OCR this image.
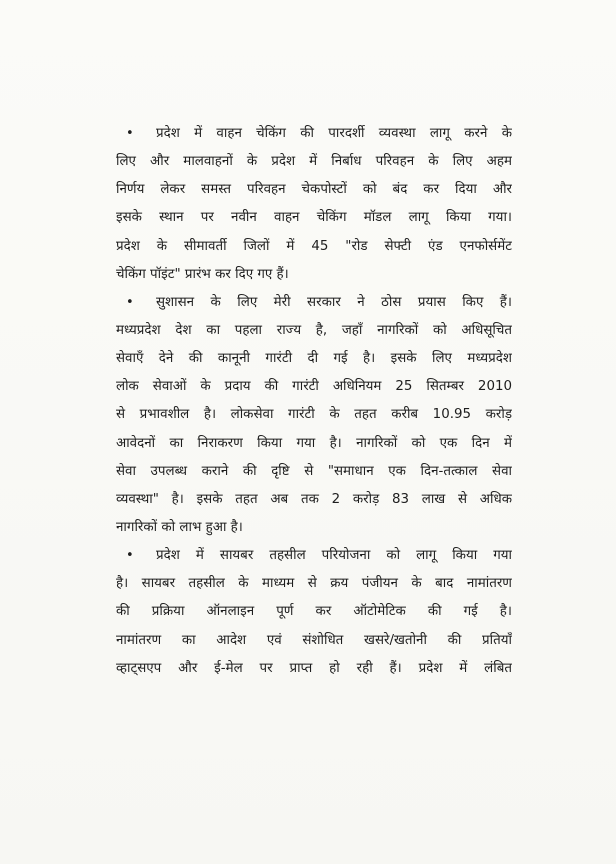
• प्रदेश में वाहन चेकिंग की पारदर्शी व्यवस्था लागू करने के
लिए और मालवाहनों के प्रदेश में निर्बाध परिवहन के लिए अहम
निर्णय लेकर समस्त परिवहन चेकपोस्टों को बंद कर दिया और
इसके स्थान पर नवीन वाहन चेकिंग मॉडल लागू किया गया।
प्रदेश के सीमावर्ती जिलों में 45 "रोड सेफ्टी एंड एनफोर्समेंट
चेकिंग पॉइंट" प्रारंभ कर दिए गए हैं।
• सुशासन के लिए मेरी सरकार ने ठोस प्रयास किए हैं।
मध्यप्रदेश देश का पहला राज्य है, जहाँ नागरिकों को अधिसूचित
सेवाएँ देने की कानूनी गारंटी दी गई है। इसके लिए मध्यप्रदेश
लोक सेवाओं के प्रदाय की गारंटी अधिनियम 25 सितम्बर 2010
से प्रभावशील है। लोकसेवा गारंटी के तहत करीब 10.95 करोड़
आवेदनों का निराकरण किया गया है। नागरिकों को एक दिन में
सेवा उपलब्ध कराने की दृष्टि से "समाधान एक दिन-तत्काल सेवा
व्यवस्था" है। इसके तहत अब तक 2 करोड़ 83 लाख से अधिक
नागरिकों को लाभ हुआ है।
• प्रदेश में सायबर तहसील परियोजना को लागू किया गया
है। सायबर तहसील के माध्यम से क्रय पंजीयन के बाद नामांतरण
की प्रक्रिया ऑनलाइन पूर्ण कर ऑटोमेटिक की गई है।
नामांतरण का आदेश एवं संशोधित खसरे/खतोनी की प्रतियाँ
व्हाट्सएप और ई-मेल पर प्राप्त हो रही हैं। प्रदेश में लंबित
